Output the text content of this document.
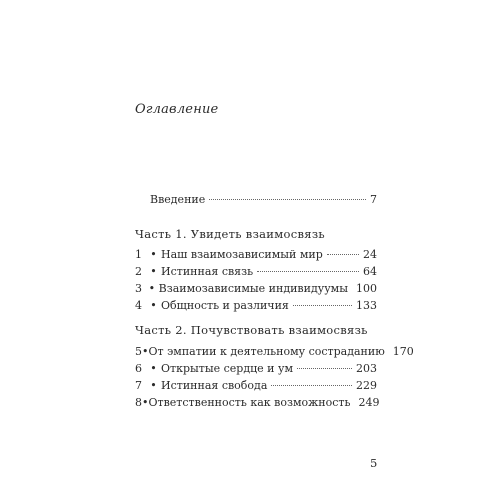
Оглавление
Введение	7
Часть 1. Увидеть взаимосвязь
1 • Наш взаимозависимый мир	24
2 • Истинная связь	64
3 • Взаимозависимые индивидуумы 100
4 • Общность и различия	133
Часть 2. Почувствовать взаимосвязь
5 • От эмпатии к деятельному состраданию 170
6 • Открытые сердце и ум	203
7 • Истинная свобода	229
8 • Ответственность как возможность 249
5
